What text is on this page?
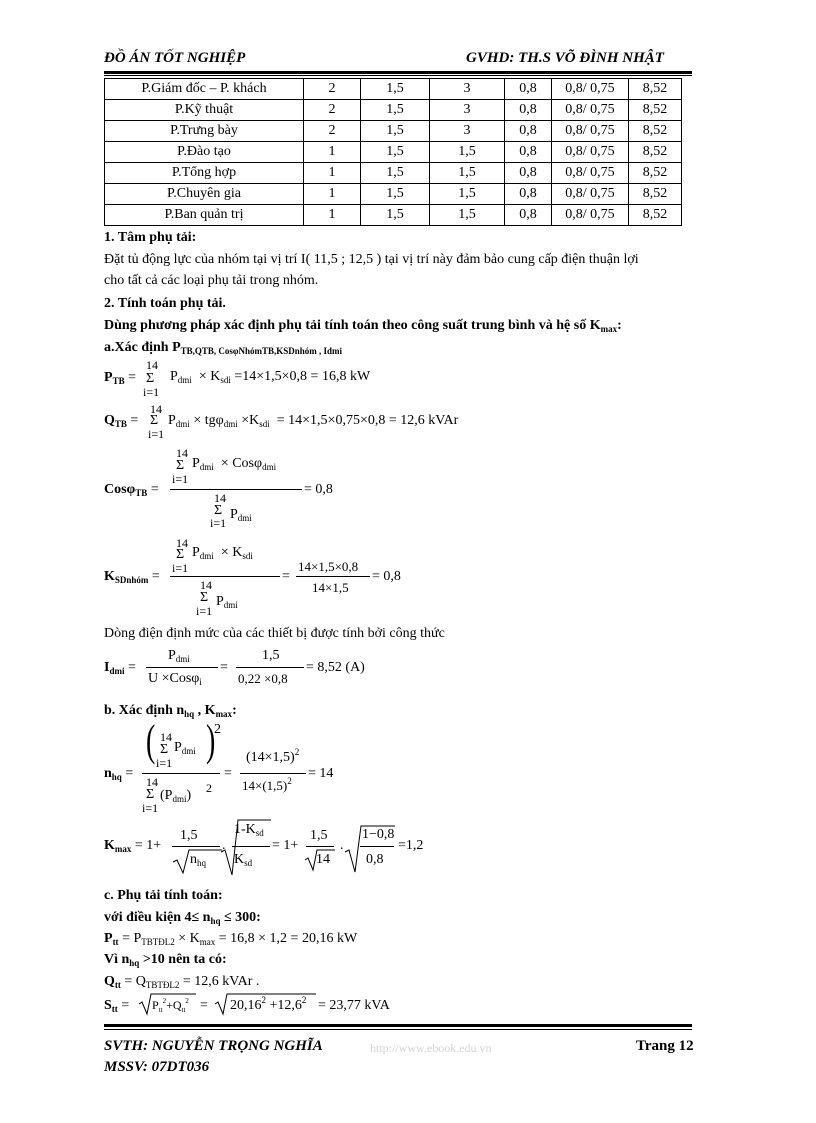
ĐỒ ÁN TỐT NGHIỆP	GVHD: TH.S VÕ ĐÌNH NHẬT
P.Giám đốc – P. khách	2	1,5	3	0,8	0,8/ 0,75	8,52
P.Kỹ thuật	2	1,5	3	0,8	0,8/ 0,75	8,52
P.Trưng bày	2	1,5	3	0,8	0,8/ 0,75	8,52
P.Đào tạo	1	1,5	1,5	0,8	0,8/ 0,75	8,52
P.Tổng hợp	1	1,5	1,5	0,8	0,8/ 0,75	8,52
P.Chuyên gia	1	1,5	1,5	0,8	0,8/ 0,75	8,52
P.Ban quản trị	1	1,5	1,5	0,8	0,8/ 0,75	8,52
1. Tâm phụ tải:
Đặt tủ động lực của nhóm tại vị trí I( 11,5 ; 12,5 ) tại vị trí này đảm bảo cung cấp điện thuận lợi
cho tất cả các loại phụ tải trong nhóm.
2. Tính toán phụ tải.
Dùng phương pháp xác định phụ tải tính toán theo công suất trung bình và hệ số $K_{max}$:
a.Xác định $P_{TB,QTB, Cos\varphi NhómTB,KSDnhóm , Idmi}$
$P_{TB}$ =
14
Σ
i=1
$P_{dmi} \times K_{sdi} =14\times 1,5\times 0,8 = 16,8$ kW
$Q_{TB}$ =
14
Σ
i=1
$P_{dmi} \times tg\varphi_{dmi} \times K_{sdi} = 14\times 1,5\times 0,75\times 0,8 = 12,6$ kVAr
Cosφ$_{TB}$ =
14
Σ
i=1
$P_{dmi} \times Cos\varphi_{dmi}$
= 0,8
14
Σ
i=1
$P_{dmi}$
$K_{SDnhóm}$ =
14
Σ
i=1
$P_{dmi} \times K_{sdi}$
=
14
Σ
i=1
$P_{dmi}$
14×1,5×0,8
14×1,5
= 0,8
Dòng điện định mức của các thiết bị được tính bởi công thức
$I_{dmi}$ =
$P_{dmi}$
U ×Cosφ$_i$
=
1,5
0,22 ×0,8
= 8,52 (A)
b. Xác định $n_{hq}$ , $K_{max}$:
$n_{hq}$ =
( 14
Σ
i=1
$P_{dmi}$ )
2
14
Σ
i=1
$(P_{dmi})$ 2
=
$(14\times 1,5)^2$
$14\times(1,5)^2 = 14$
$K_{max} = 1+$
1,5
$n_{hq}$
.
$1-K_{sd}$
$K_{sd}$
= 1+
1,5
14
.
1−0,8
0,8
=1,2
c. Phụ tải tính toán:
với điều kiện $4\le n_{hq} \le 300$:
$P_{tt} = P_{TBTĐL2} \times K_{max} = 16,8 \times 1,2 = 20,16$ kW
Vì $n_{hq} >10$ nên ta có:
$Q_{tt} = Q_{TBTĐL2} = 12,6$ kVAr .
$S_{tt} = P_{tt}^2+Q_{tt}^2 = 20,16^2 +12,6^2 = 23,77$ kVA
SVTH: NGUYỄN TRỌNG NGHĨA	http://www.ebook.edu.vn	Trang 12
MSSV: 07DT036
